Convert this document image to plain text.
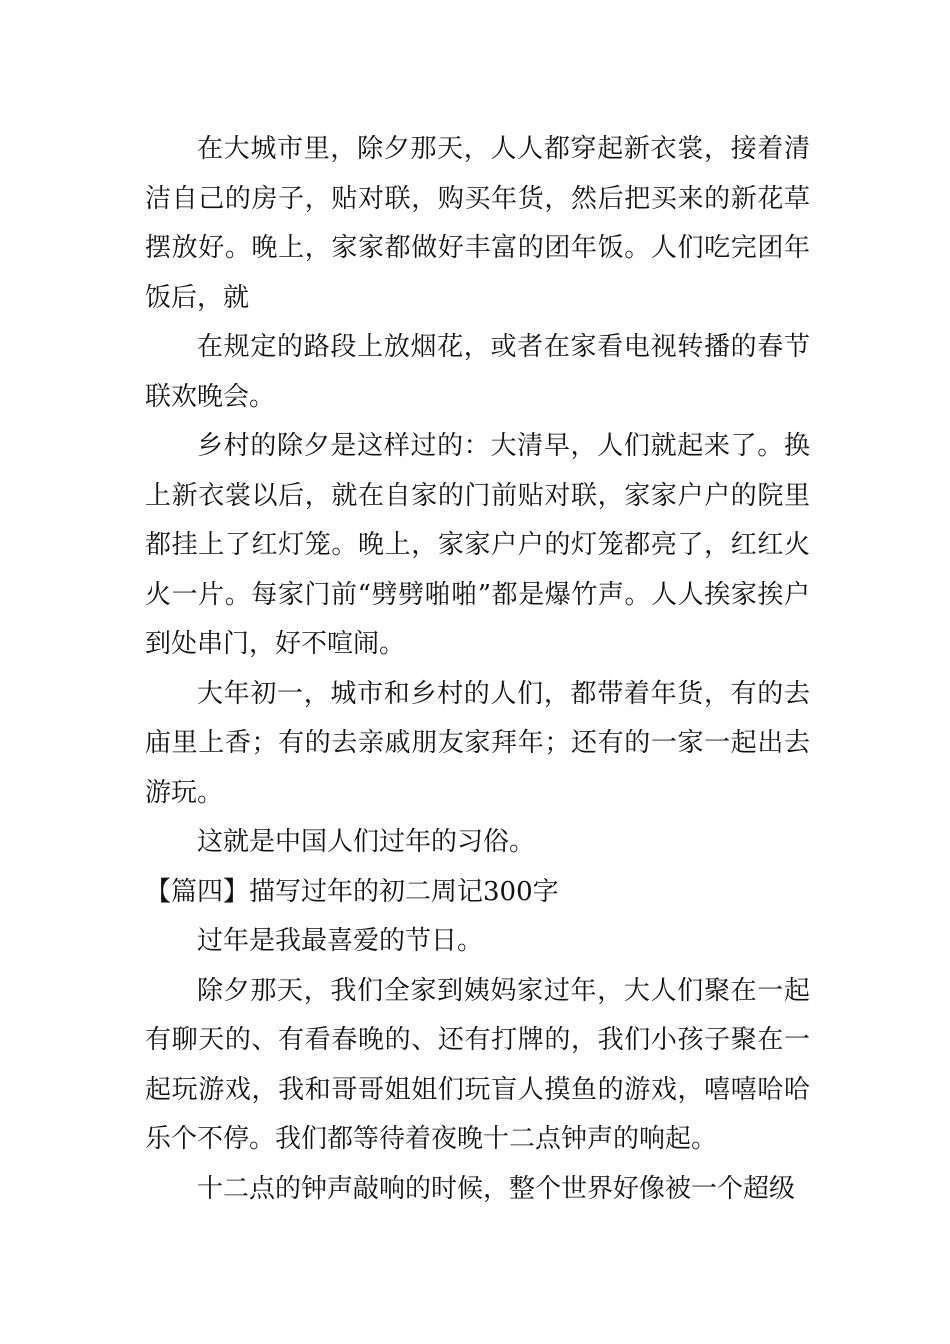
在大城市里，除夕那天，人人都穿起新衣裳，接着清洁自己的房子，贴对联，购买年货，然后把买来的新花草摆放好。晚上，家家都做好丰富的团年饭。人们吃完团年饭后，就

在规定的路段上放烟花，或者在家看电视转播的春节联欢晚会。

乡村的除夕是这样过的：大清早，人们就起来了。换上新衣裳以后，就在自家的门前贴对联，家家户户的院里都挂上了红灯笼。晚上，家家户户的灯笼都亮了，红红火火一片。每家门前“劈劈啪啪”都是爆竹声。人人挨家挨户到处串门，好不喧闹。

大年初一，城市和乡村的人们，都带着年货，有的去庙里上香；有的去亲戚朋友家拜年；还有的一家一起出去游玩。

这就是中国人们过年的习俗。

【篇四】描写过年的初二周记300字

过年是我最喜爱的节日。

除夕那天，我们全家到姨妈家过年，大人们聚在一起有聊天的、有看春晚的、还有打牌的，我们小孩子聚在一起玩游戏，我和哥哥姐姐们玩盲人摸鱼的游戏，嘻嘻哈哈乐个不停。我们都等待着夜晚十二点钟声的响起。

十二点的钟声敲响的时候，整个世界好像被一个超级
